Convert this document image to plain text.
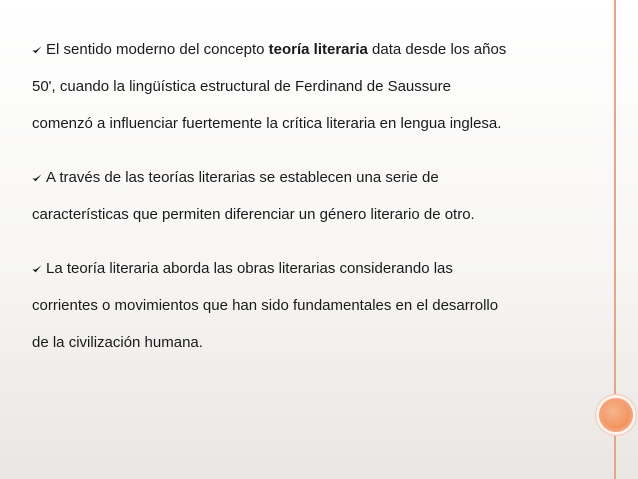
El sentido moderno del concepto teoría literaria data desde los años

50', cuando la lingüística estructural de Ferdinand de Saussure

comenzó a influenciar fuertemente la crítica literaria en lengua inglesa.

A través de las teorías literarias se establecen una serie de

características que permiten diferenciar un género literario de otro.

La teoría literaria aborda las obras literarias considerando las

corrientes o movimientos que han sido fundamentales en el desarrollo

de la civilización humana.
